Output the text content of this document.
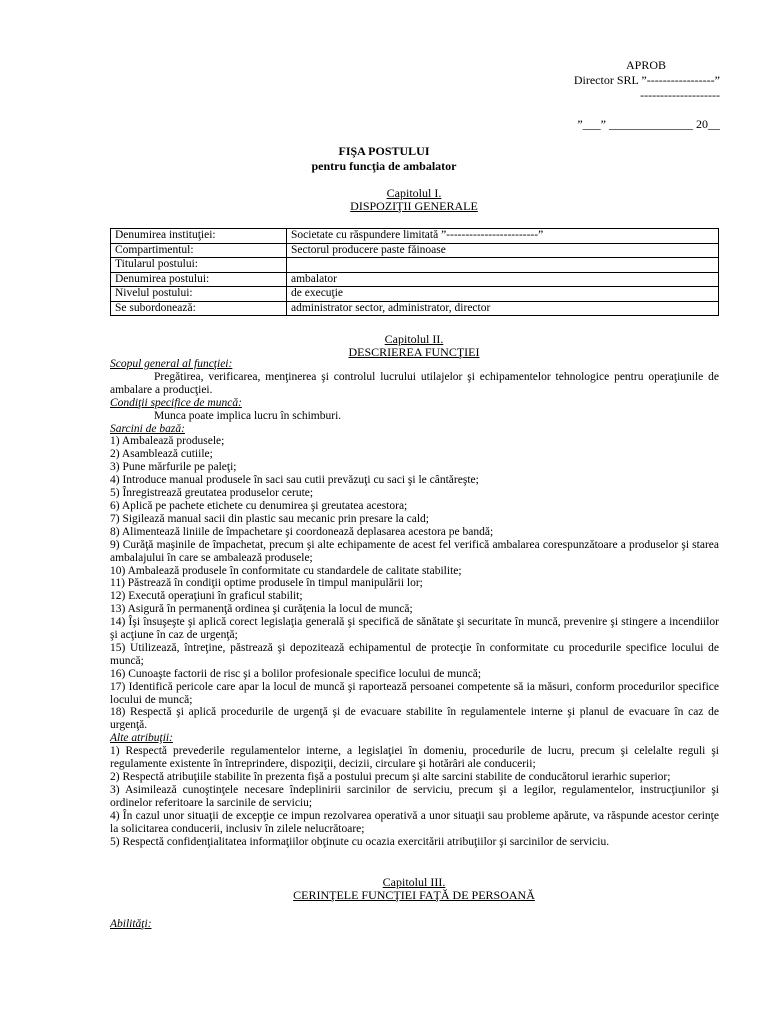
APROB
Director SRL ”-----------------”
--------------------
”___” ______________ 20__
FIŞA POSTULUI
pentru funcţia de ambalator
Capitolul I.
DISPOZIŢII GENERALE
Denumirea instituţiei:	Societate cu răspundere limitată ”------------------------”
Compartimentul:	Sectorul producere paste făinoase
Titularul postului:	
Denumirea postului:	ambalator
Nivelul postului:	de execuţie
Se subordonează:	administrator sector, administrator, director
Capitolul II.
DESCRIEREA FUNCŢIEI

Scopul general al funcţiei:

Pregătirea, verificarea, menţinerea şi controlul lucrului utilajelor şi echipamentelor tehnologice pentru operaţiunile de ambalare a producţiei.

Condiţii specifice de muncă:

Munca poate implica lucru în schimburi.

Sarcini de bază:

1) Ambalează produsele;

2) Asamblează cutiile;

3) Pune mărfurile pe paleţi;

4) Introduce manual produsele în saci sau cutii prevăzuţi cu saci şi le cântăreşte;

5) Înregistrează greutatea produselor cerute;

6) Aplică pe pachete etichete cu denumirea şi greutatea acestora;

7) Sigilează manual sacii din plastic sau mecanic prin presare la cald;

8) Alimentează liniile de împachetare şi coordonează deplasarea acestora pe bandă;

9) Curăţă maşinile de împachetat, precum şi alte echipamente de acest fel verifică ambalarea corespunzătoare a produselor şi starea ambalajului în care se ambalează produsele;

10) Ambalează produsele în conformitate cu standardele de calitate stabilite;

11) Păstrează în condiţii optime produsele în timpul manipulării lor;

12) Execută operaţiuni în graficul stabilit;

13) Asigură în permanenţă ordinea şi curăţenia la locul de muncă;

14) Îşi însuşeşte şi aplică corect legislaţia generală şi specifică de sănătate şi securitate în muncă, prevenire şi stingere a incendiilor şi acţiune în caz de urgenţă;

15) Utilizează, întreţine, păstrează şi depozitează echipamentul de protecţie în conformitate cu procedurile specifice locului de muncă;

16) Cunoaşte factorii de risc şi a bolilor profesionale specifice locului de muncă;

17) Identifică pericole care apar la locul de muncă şi raportează persoanei competente să ia măsuri, conform procedurilor specifice locului de muncă;

18) Respectă şi aplică procedurile de urgenţă şi de evacuare stabilite în regulamentele interne şi planul de evacuare în caz de urgenţă.

Alte atribuţii:

1) Respectă prevederile regulamentelor interne, a legislaţiei în domeniu, procedurile de lucru, precum şi celelalte reguli şi regulamente existente în întreprindere, dispoziţii, decizii, circulare şi hotărâri ale conducerii;

2) Respectă atribuţiile stabilite în prezenta fişă a postului precum şi alte sarcini stabilite de conducătorul ierarhic superior;

3) Asimilează cunoştinţele necesare îndeplinirii sarcinilor de serviciu, precum şi a legilor, regulamentelor, instrucţiunilor şi ordinelor referitoare la sarcinile de serviciu;

4) În cazul unor situaţii de excepţie ce impun rezolvarea operativă a unor situaţii sau probleme apărute, va răspunde acestor cerinţe la solicitarea conducerii, inclusiv în zilele nelucrătoare;

5) Respectă confidenţialitatea informaţiilor obţinute cu ocazia exercitării atribuţiilor şi sarcinilor de serviciu.

Capitolul III.
CERINŢELE FUNCŢIEI FAŢĂ DE PERSOANĂ
Abilităţi:
